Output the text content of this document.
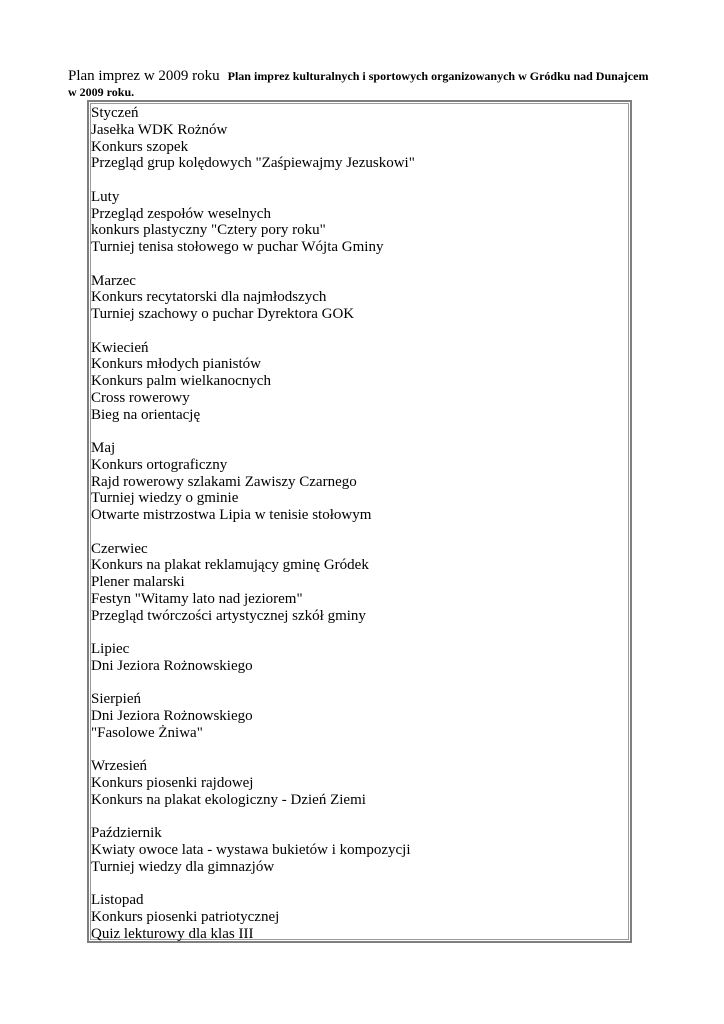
Plan imprez w 2009 roku Plan imprez kulturalnych i sportowych organizowanych w Gródku nad Dunajcem
w 2009 roku.
Styczeń
Jasełka WDK Rożnów
Konkurs szopek
Przegląd grup kolędowych "Zaśpiewajmy Jezuskowi"
Luty
Przegląd zespołów weselnych
konkurs plastyczny "Cztery pory roku"
Turniej tenisa stołowego w puchar Wójta Gminy
Marzec
Konkurs recytatorski dla najmłodszych
Turniej szachowy o puchar Dyrektora GOK
Kwiecień
Konkurs młodych pianistów
Konkurs palm wielkanocnych
Cross rowerowy
Bieg na orientację
Maj
Konkurs ortograficzny
Rajd rowerowy szlakami Zawiszy Czarnego
Turniej wiedzy o gminie
Otwarte mistrzostwa Lipia w tenisie stołowym
Czerwiec
Konkurs na plakat reklamujący gminę Gródek
Plener malarski
Festyn "Witamy lato nad jeziorem"
Przegląd twórczości artystycznej szkół gminy
Lipiec
Dni Jeziora Rożnowskiego
Sierpień
Dni Jeziora Rożnowskiego
"Fasolowe Żniwa"
Wrzesień
Konkurs piosenki rajdowej
Konkurs na plakat ekologiczny - Dzień Ziemi
Październik
Kwiaty owoce lata - wystawa bukietów i kompozycji
Turniej wiedzy dla gimnazjów
Listopad
Konkurs piosenki patriotycznej
Quiz lekturowy dla klas III
